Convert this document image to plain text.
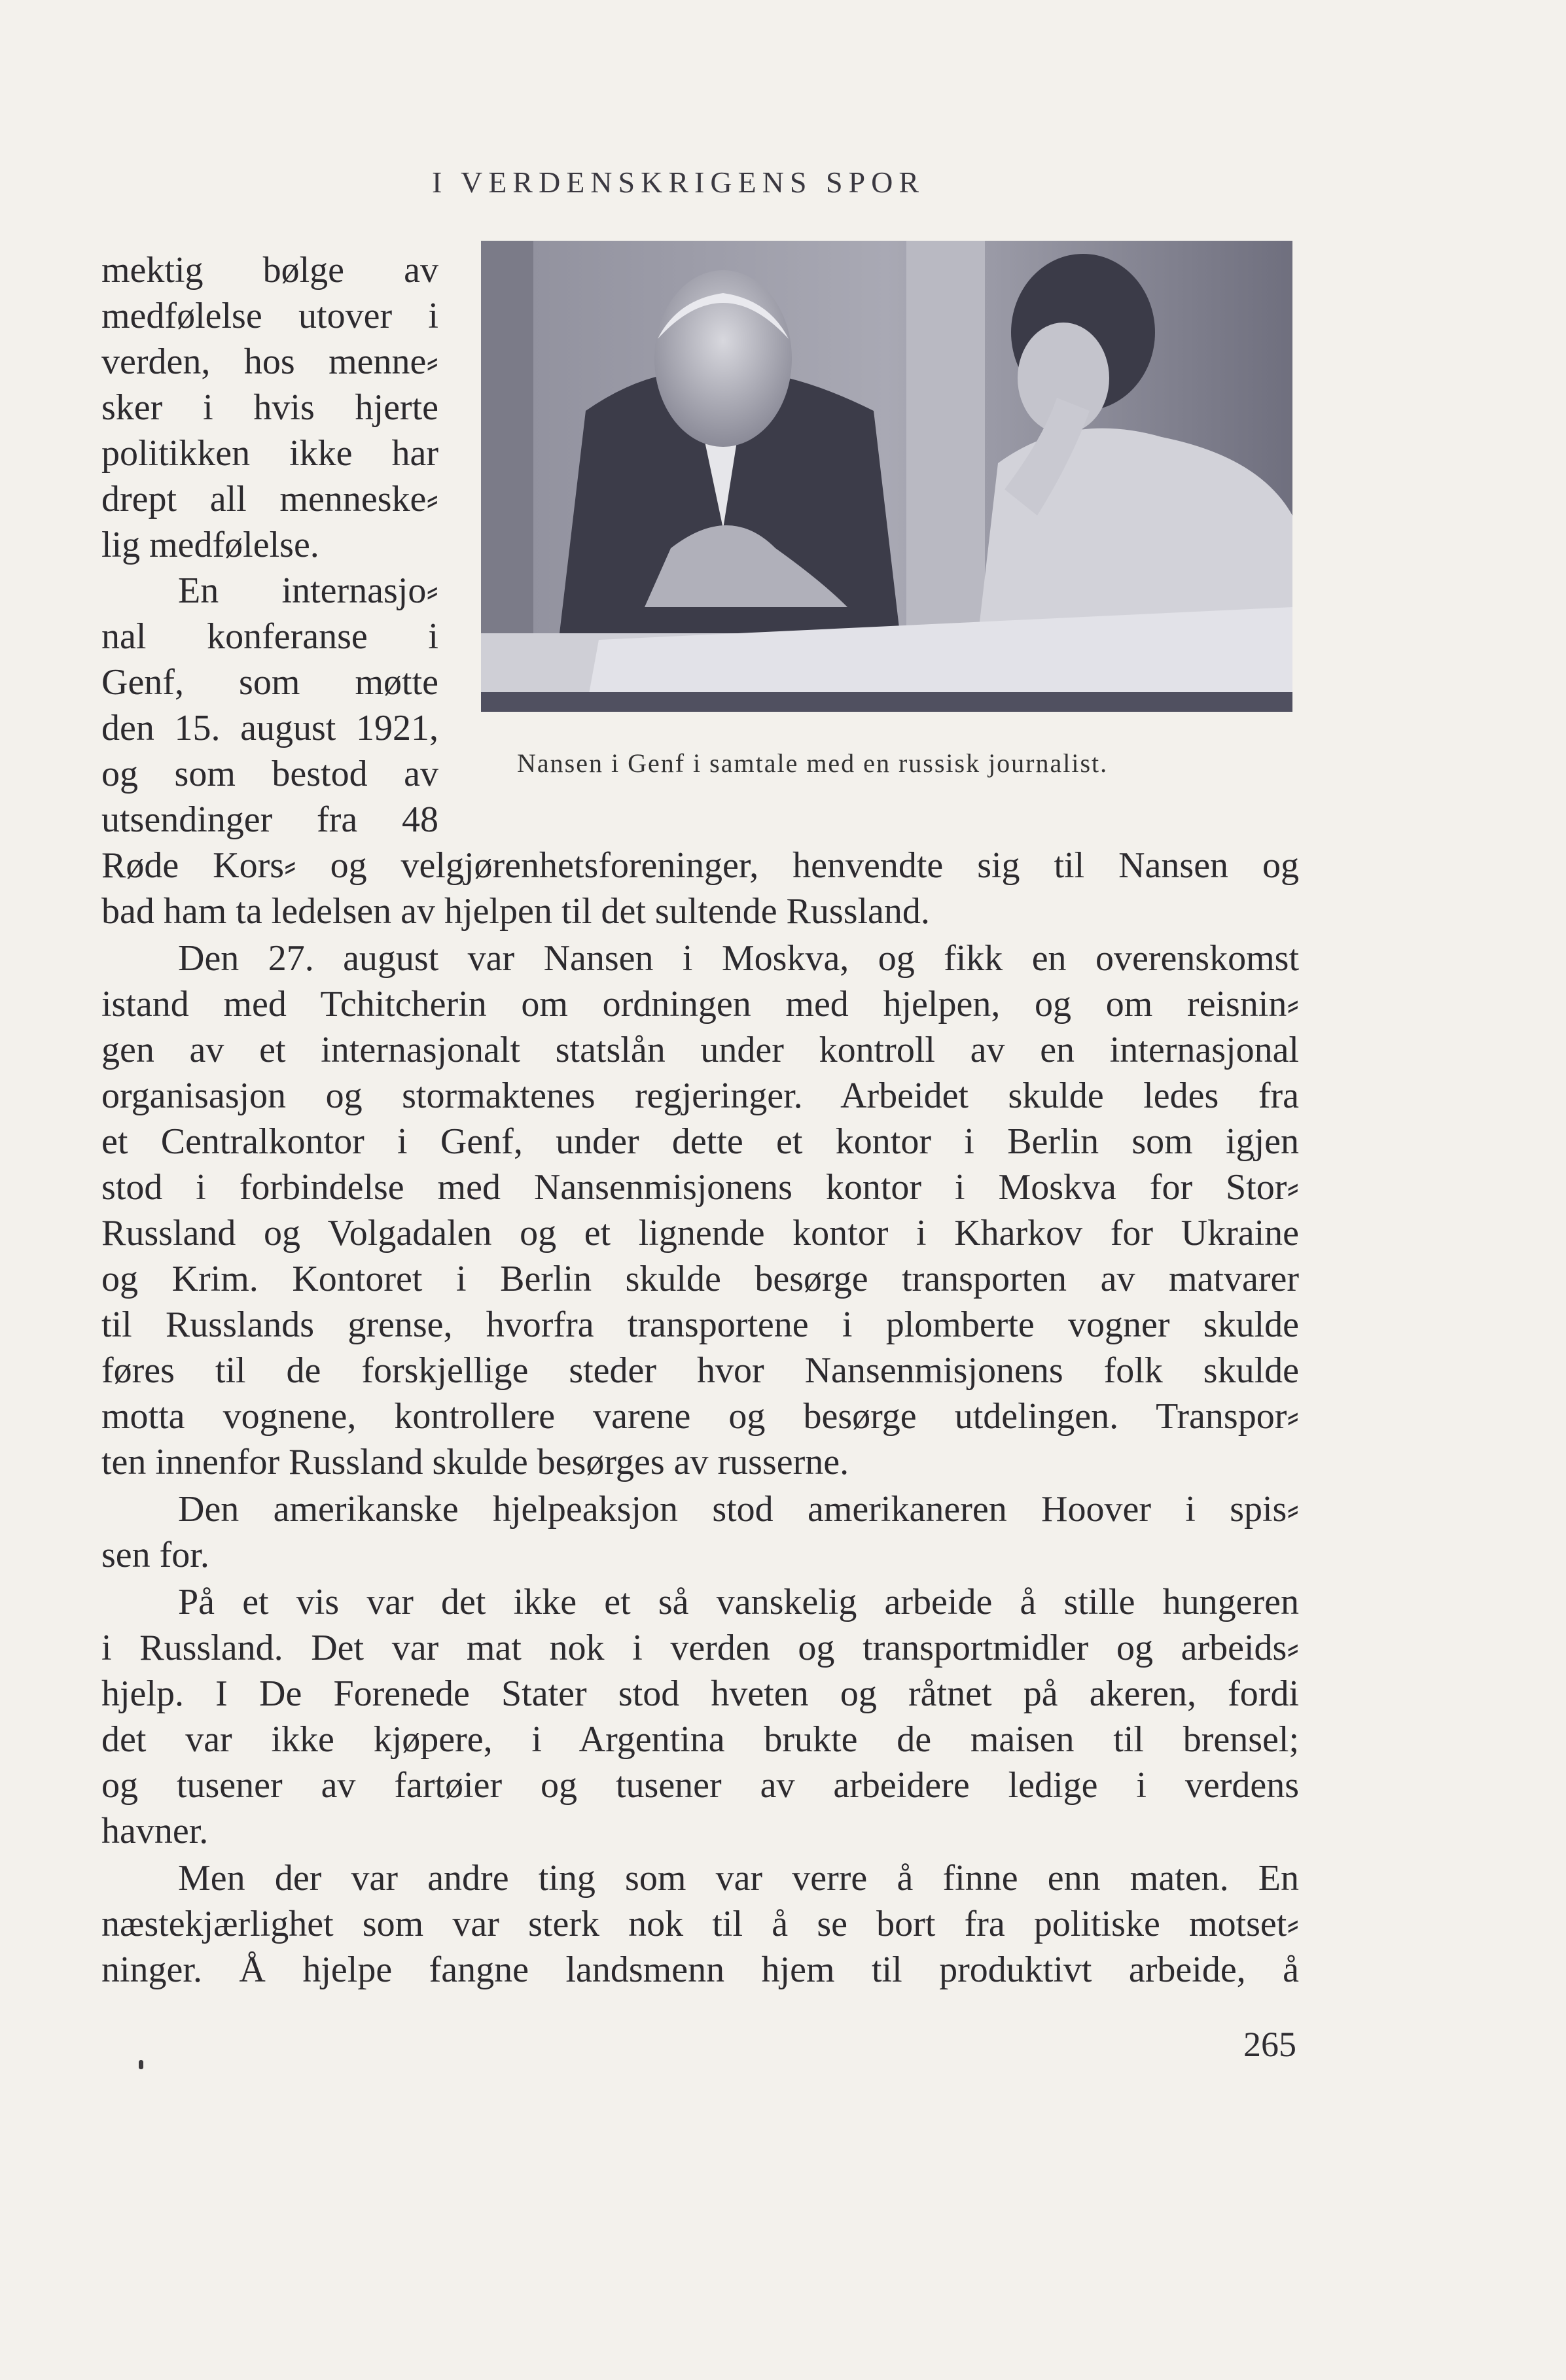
I VERDENSKRIGENS SPOR
Nansen i Genf i samtale med en russisk journalist.
mektig bølge av
medfølelse utover i
verden, hos menne⸗
sker i hvis hjerte
politikken ikke har
drept all menneske⸗
lig medfølelse.
En internasjo⸗
nal konferanse i
Genf, som møtte
den 15. august 1921,
og som bestod av
utsendinger fra 48
Røde Kors⸗ og velgjørenhetsforeninger, henvendte sig til Nansen og
bad ham ta ledelsen av hjelpen til det sultende Russland.
Den 27. august var Nansen i Moskva, og fikk en overenskomst
istand med Tchitcherin om ordningen med hjelpen, og om reisnin⸗
gen av et internasjonalt statslån under kontroll av en internasjonal
organisasjon og stormaktenes regjeringer. Arbeidet skulde ledes fra
et Centralkontor i Genf, under dette et kontor i Berlin som igjen
stod i forbindelse med Nansenmisjonens kontor i Moskva for Stor⸗
Russland og Volgadalen og et lignende kontor i Kharkov for Ukraine
og Krim. Kontoret i Berlin skulde besørge transporten av matvarer
til Russlands grense, hvorfra transportene i plomberte vogner skulde
føres til de forskjellige steder hvor Nansenmisjonens folk skulde
motta vognene, kontrollere varene og besørge utdelingen. Transpor⸗
ten innenfor Russland skulde besørges av russerne.
Den amerikanske hjelpeaksjon stod amerikaneren Hoover i spis⸗
sen for.
På et vis var det ikke et så vanskelig arbeide å stille hungeren
i Russland. Det var mat nok i verden og transportmidler og arbeids⸗
hjelp. I De Forenede Stater stod hveten og råtnet på akeren, fordi
det var ikke kjøpere, i Argentina brukte de maisen til brensel;
og tusener av fartøier og tusener av arbeidere ledige i verdens
havner.
Men der var andre ting som var verre å finne enn maten. En
næstekjærlighet som var sterk nok til å se bort fra politiske motset⸗
ninger. Å hjelpe fangne landsmenn hjem til produktivt arbeide, å
265
